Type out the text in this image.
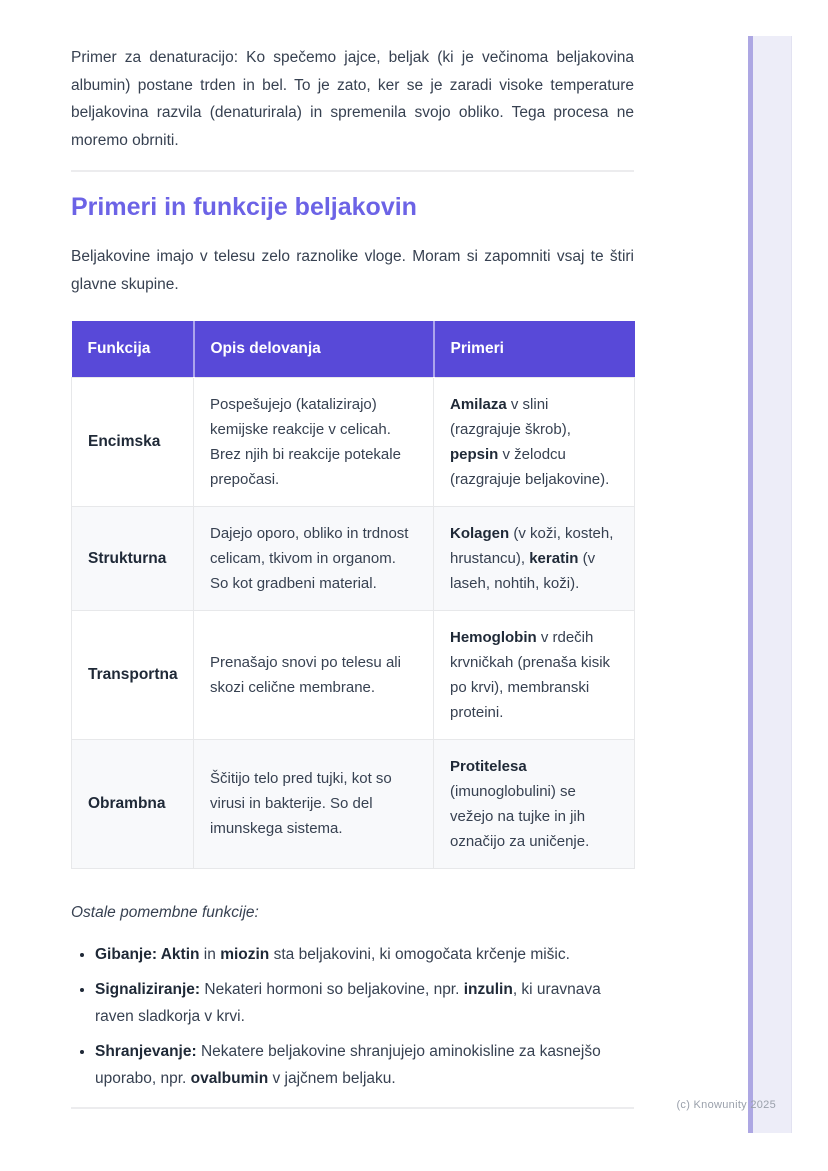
Primer za denaturacijo: Ko spečemo jajce, beljak (ki je večinoma beljakovina albumin) postane trden in bel. To je zato, ker se je zaradi visoke temperature beljakovina razvila (denaturirala) in spremenila svojo obliko. Tega procesa ne moremo obrniti.

Primeri in funkcije beljakovin

Beljakovine imajo v telesu zelo raznolike vloge. Moram si zapomniti vsaj te štiri glavne skupine.

Funkcija	Opis delovanja	Primeri
Encimska	Pospešujejo (katalizirajo) kemijske reakcije v celicah. Brez njih bi reakcije potekale prepočasi.	Amilaza v slini (razgrajuje škrob), pepsin v želodcu (razgrajuje beljakovine).
Strukturna	Dajejo oporo, obliko in trdnost celicam, tkivom in organom. So kot gradbeni material.	Kolagen (v koži, kosteh, hrustancu), keratin (v laseh, nohtih, koži).
Transportna	Prenašajo snovi po telesu ali skozi celične membrane.	Hemoglobin v rdečih krvničkah (prenaša kisik po krvi), membranski proteini.
Obrambna	Ščitijo telo pred tujki, kot so virusi in bakterije. So del imunskega sistema.	Protitelesa (imunoglobulini) se vežejo na tujke in jih označijo za uničenje.

Ostale pomembne funkcije:

• Gibanje: Aktin in miozin sta beljakovini, ki omogočata krčenje mišic.
• Signaliziranje: Nekateri hormoni so beljakovine, npr. inzulin, ki uravnava raven sladkorja v krvi.
• Shranjevanje: Nekatere beljakovine shranjujejo aminokisline za kasnejšo uporabo, npr. ovalbumin v jajčnem beljaku.
(c) Knowunity 2025
